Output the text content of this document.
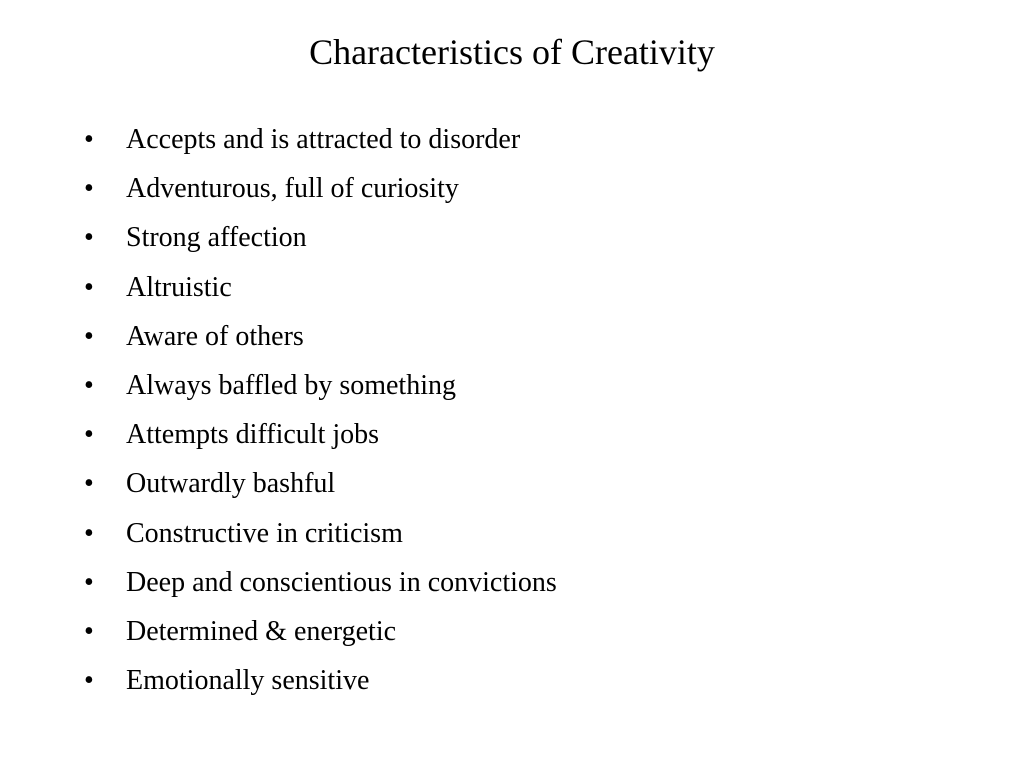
Characteristics of Creativity
• Accepts and is attracted to disorder
• Adventurous, full of curiosity
• Strong affection
• Altruistic
• Aware of others
• Always baffled by something
• Attempts difficult jobs
• Outwardly bashful
• Constructive in criticism
• Deep and conscientious in convictions
• Determined & energetic
• Emotionally sensitive
